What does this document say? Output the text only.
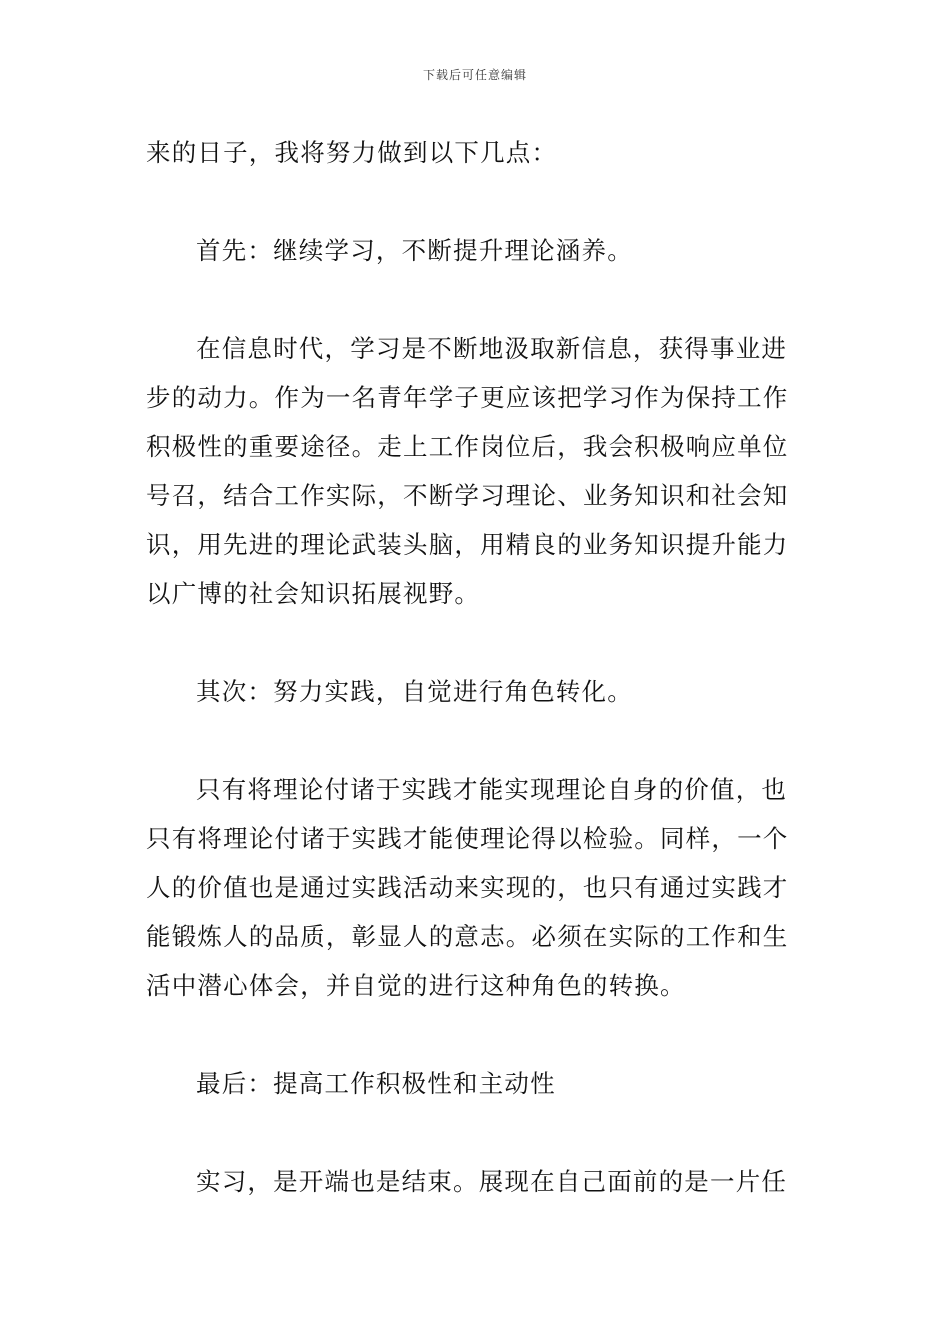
下载后可任意编辑
来的日子，我将努力做到以下几点：
首先：继续学习，不断提升理论涵养。
在信息时代，学习是不断地汲取新信息，获得事业进
步的动力。作为一名青年学子更应该把学习作为保持工作
积极性的重要途径。走上工作岗位后，我会积极响应单位
号召，结合工作实际，不断学习理论、业务知识和社会知
识，用先进的理论武装头脑，用精良的业务知识提升能力
以广博的社会知识拓展视野。
其次：努力实践，自觉进行角色转化。
只有将理论付诸于实践才能实现理论自身的价值，也
只有将理论付诸于实践才能使理论得以检验。同样，一个
人的价值也是通过实践活动来实现的，也只有通过实践才
能锻炼人的品质，彰显人的意志。必须在实际的工作和生
活中潜心体会，并自觉的进行这种角色的转换。
最后：提高工作积极性和主动性
实习，是开端也是结束。展现在自己面前的是一片任
